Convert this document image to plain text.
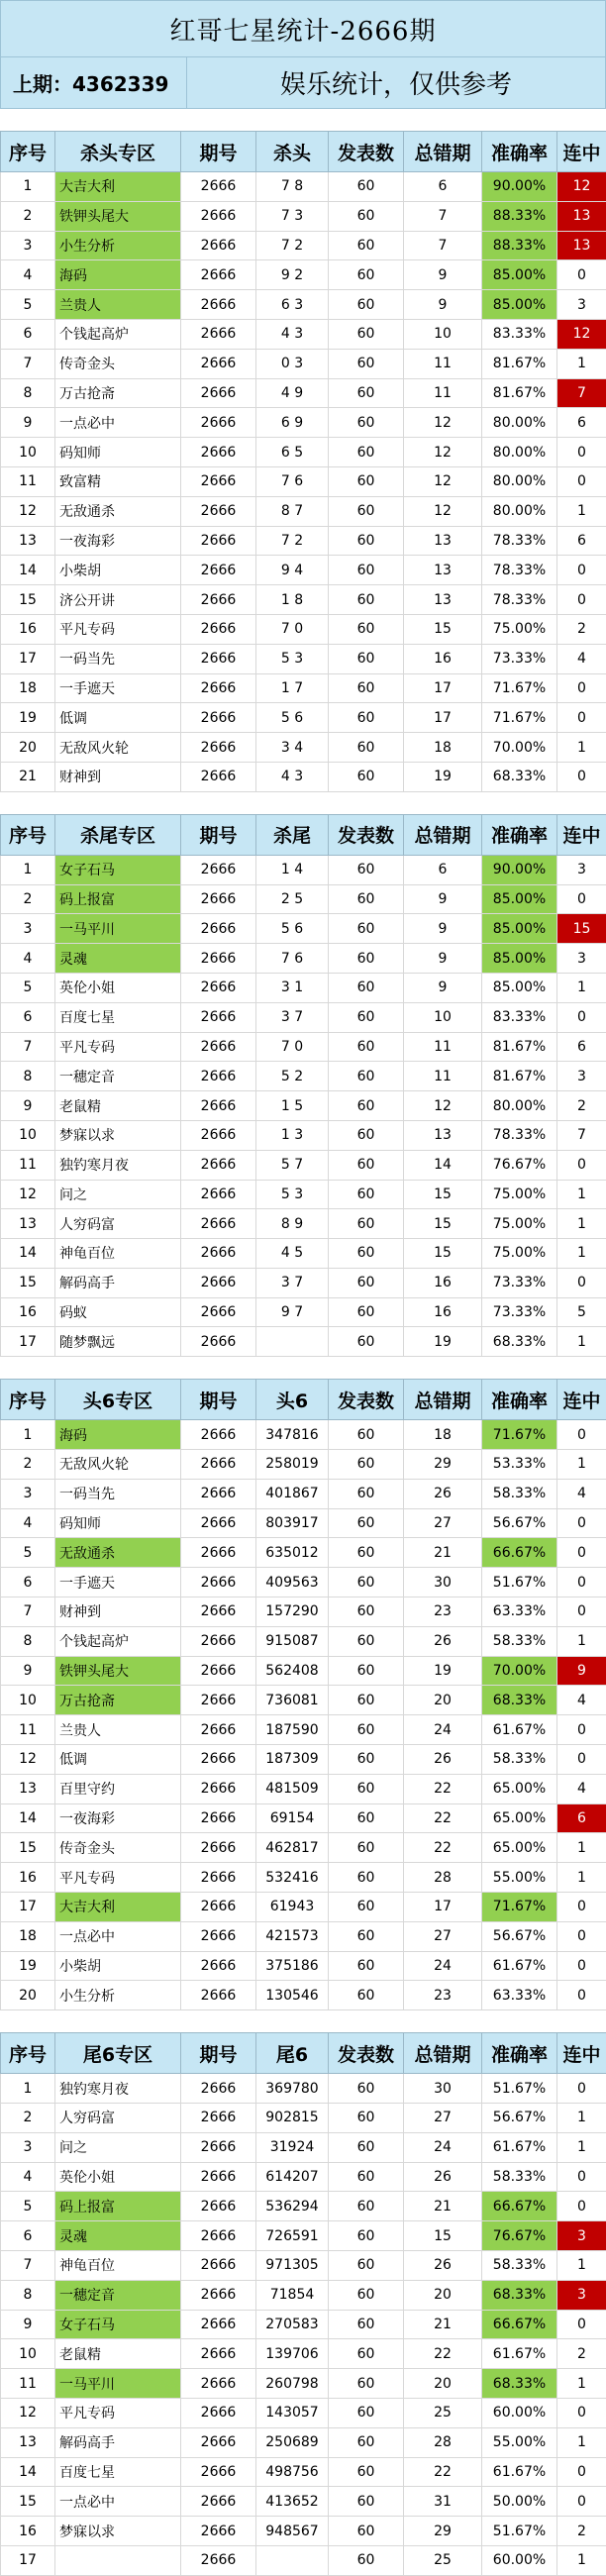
红哥七星统计-2666期
上期：4362339	娱乐统计，仅供参考
序号	杀头专区	期号	杀头	发表数	总错期	准确率	连中
1	大吉大利	2666	7 8	60	6	90.00%	12
2	铁钾头尾大	2666	7 3	60	7	88.33%	13
3	小生分析	2666	7 2	60	7	88.33%	13
4	海码	2666	9 2	60	9	85.00%	0
5	兰贵人	2666	6 3	60	9	85.00%	3
6	个钱起高炉	2666	4 3	60	10	83.33%	12
7	传奇金头	2666	0 3	60	11	81.67%	1
8	万古抢斋	2666	4 9	60	11	81.67%	7
9	一点必中	2666	6 9	60	12	80.00%	6
10	码知师	2666	6 5	60	12	80.00%	0
11	致富精	2666	7 6	60	12	80.00%	0
12	无敌通杀	2666	8 7	60	12	80.00%	1
13	一夜海彩	2666	7 2	60	13	78.33%	6
14	小柴胡	2666	9 4	60	13	78.33%	0
15	济公开讲	2666	1 8	60	13	78.33%	0
16	平凡专码	2666	7 0	60	15	75.00%	2
17	一码当先	2666	5 3	60	16	73.33%	4
18	一手遮天	2666	1 7	60	17	71.67%	0
19	低调	2666	5 6	60	17	71.67%	0
20	无敌风火轮	2666	3 4	60	18	70.00%	1
21	财神到	2666	4 3	60	19	68.33%	0
序号	杀尾专区	期号	杀尾	发表数	总错期	准确率	连中
1	女子石马	2666	1 4	60	6	90.00%	3
2	码上报富	2666	2 5	60	9	85.00%	0
3	一马平川	2666	5 6	60	9	85.00%	15
4	灵魂	2666	7 6	60	9	85.00%	3
5	英伦小姐	2666	3 1	60	9	85.00%	1
6	百度七星	2666	3 7	60	10	83.33%	0
7	平凡专码	2666	7 0	60	11	81.67%	6
8	一穗定音	2666	5 2	60	11	81.67%	3
9	老鼠精	2666	1 5	60	12	80.00%	2
10	梦寐以求	2666	1 3	60	13	78.33%	7
11	独钓寒月夜	2666	5 7	60	14	76.67%	0
12	问之	2666	5 3	60	15	75.00%	1
13	人穷码富	2666	8 9	60	15	75.00%	1
14	神龟百位	2666	4 5	60	15	75.00%	1
15	解码高手	2666	3 7	60	16	73.33%	0
16	码蚁	2666	9 7	60	16	73.33%	5
17	随梦飘远	2666		60	19	68.33%	1
序号	头6专区	期号	头6	发表数	总错期	准确率	连中
1	海码	2666	347816	60	18	71.67%	0
2	无敌风火轮	2666	258019	60	29	53.33%	1
3	一码当先	2666	401867	60	26	58.33%	4
4	码知师	2666	803917	60	27	56.67%	0
5	无敌通杀	2666	635012	60	21	66.67%	0
6	一手遮天	2666	409563	60	30	51.67%	0
7	财神到	2666	157290	60	23	63.33%	0
8	个钱起高炉	2666	915087	60	26	58.33%	1
9	铁钾头尾大	2666	562408	60	19	70.00%	9
10	万古抢斋	2666	736081	60	20	68.33%	4
11	兰贵人	2666	187590	60	24	61.67%	0
12	低调	2666	187309	60	26	58.33%	0
13	百里守约	2666	481509	60	22	65.00%	4
14	一夜海彩	2666	69154	60	22	65.00%	6
15	传奇金头	2666	462817	60	22	65.00%	1
16	平凡专码	2666	532416	60	28	55.00%	1
17	大吉大利	2666	61943	60	17	71.67%	0
18	一点必中	2666	421573	60	27	56.67%	0
19	小柴胡	2666	375186	60	24	61.67%	0
20	小生分析	2666	130546	60	23	63.33%	0
序号	尾6专区	期号	尾6	发表数	总错期	准确率	连中
1	独钓寒月夜	2666	369780	60	30	51.67%	0
2	人穷码富	2666	902815	60	27	56.67%	1
3	问之	2666	31924	60	24	61.67%	1
4	英伦小姐	2666	614207	60	26	58.33%	0
5	码上报富	2666	536294	60	21	66.67%	0
6	灵魂	2666	726591	60	15	76.67%	3
7	神龟百位	2666	971305	60	26	58.33%	1
8	一穗定音	2666	71854	60	20	68.33%	3
9	女子石马	2666	270583	60	21	66.67%	0
10	老鼠精	2666	139706	60	22	61.67%	2
11	一马平川	2666	260798	60	20	68.33%	1
12	平凡专码	2666	143057	60	25	60.00%	0
13	解码高手	2666	250689	60	28	55.00%	1
14	百度七星	2666	498756	60	22	61.67%	0
15	一点必中	2666	413652	60	31	50.00%	0
16	梦寐以求	2666	948567	60	29	51.67%	2
17		2666		60	25	60.00%	1
